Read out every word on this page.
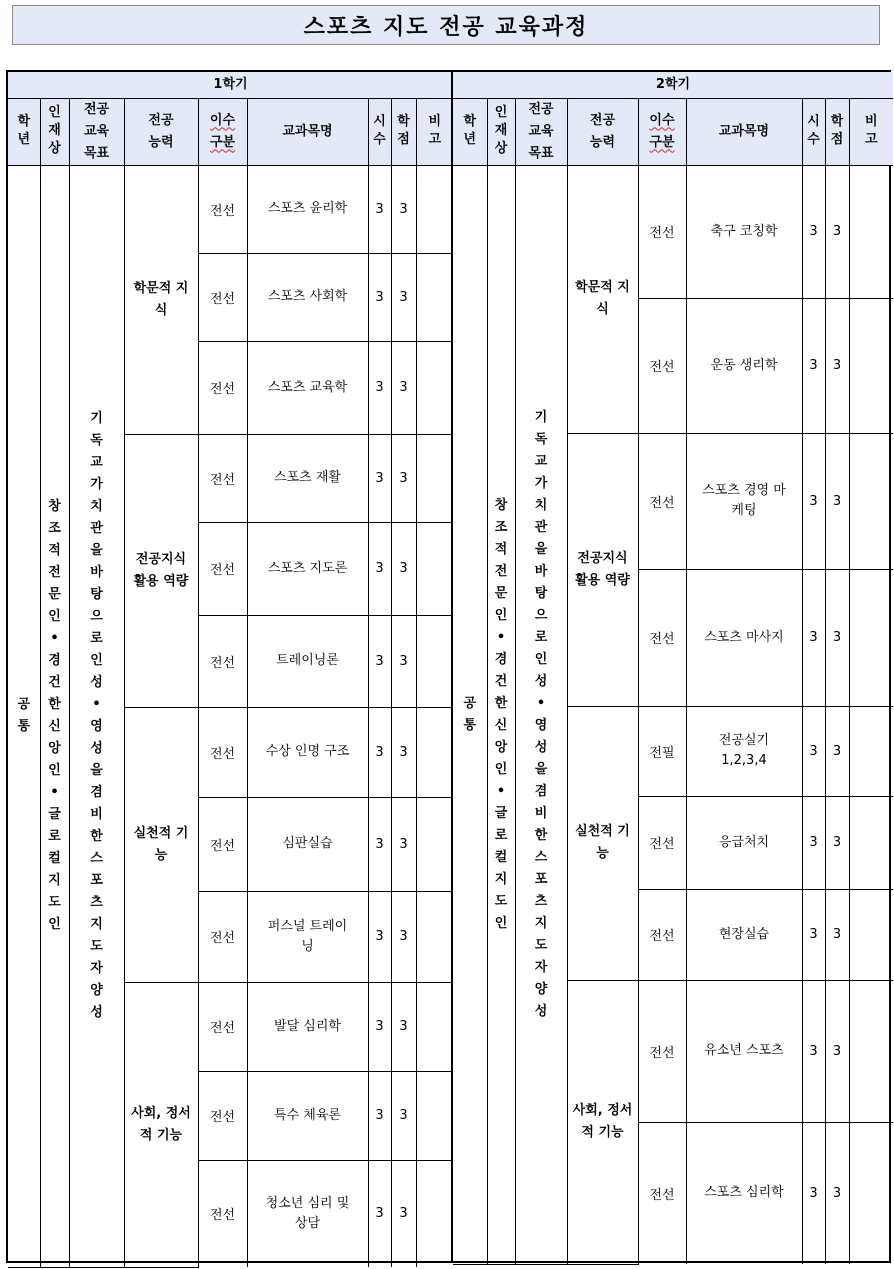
스포츠 지도 전공 교육과정
1학기								
학년	인재상	전공교육목표	전공능력	이수구분	교과목명	시수	학점	비고
공통	창조적전문인•경건한신앙인•글로컬지도인	기독교가치관을 바탕으로 인성•영성을 겸비한 스포츠지도자양성	학문적 지식	전선	스포츠 윤리학	3	3	
				전선	스포츠 사회학	3	3	
				전선	스포츠 교육학	3	3	
			전공지식 활용 역량	전선	스포츠 재활	3	3	
				전선	스포츠 지도론	3	3	
				전선	트레이닝론	3	3	
			실천적 기능	전선	수상 인명 구조	3	3	
				전선	심판실습	3	3	
				전선	퍼스널 트레이닝	3	3	
			사회, 정서적 기능	전선	발달 심리학	3	3	
				전선	특수 체육론	3	3	
				전선	청소년 심리 및 상담	3	3	
2학기								
학년	인재상	전공교육목표	전공능력	이수구분	교과목명	시수	학점	비고
공통	창조적전문인•경건한신앙인•글로컬지도인	기독교가치관을 바탕으로 인성•영성을 겸비한 스포츠지도자양성	학문적 지식	전선	축구 코칭학	3	3	
				전선	운동 생리학	3	3	
			전공지식 활용 역량	전선	스포츠 경영 마케팅	3	3	
				전선	스포츠 마사지	3	3	
			실천적 기능	전필	전공실기 1,2,3,4	3	3	
				전선	응급처치	3	3	
				전선	현장실습	3	3	
			사회, 정서적 기능	전선	유소년 스포츠	3	3	
				전선	스포츠 심리학	3	3	
